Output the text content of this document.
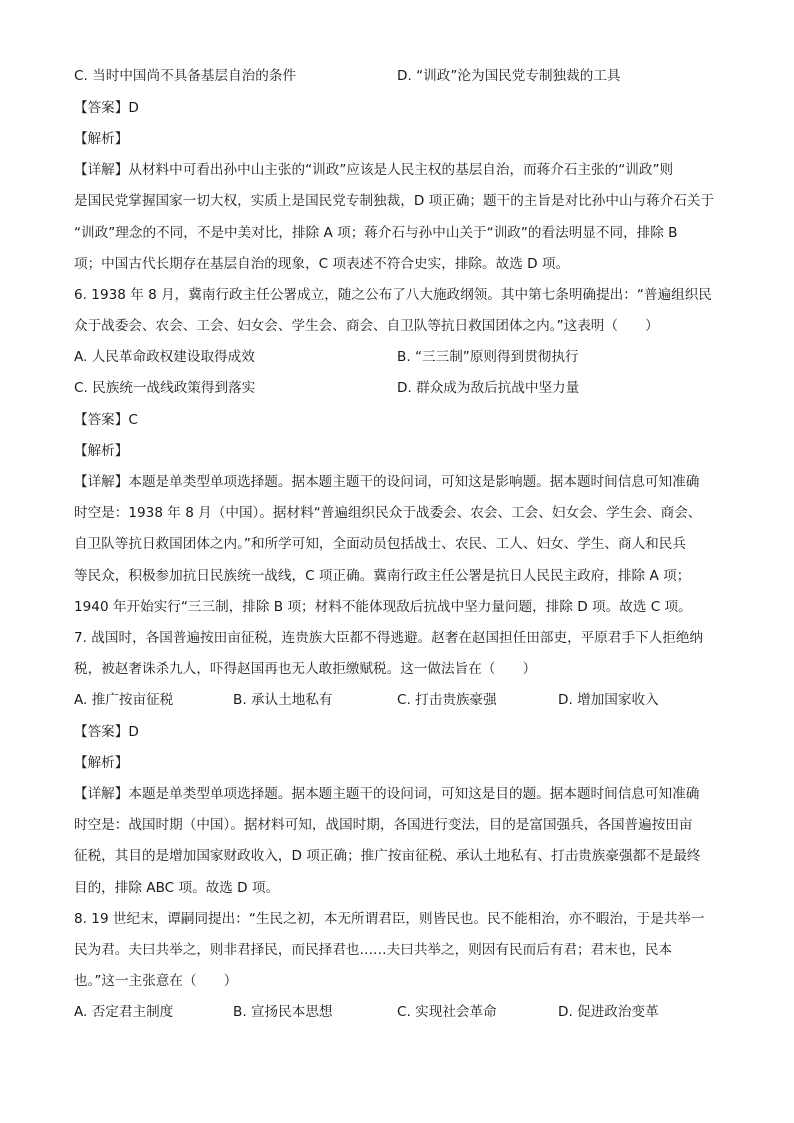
C. 当时中国尚不具备基层自治的条件	D. “训政”沦为国民党专制独裁的工具
【答案】D
【解析】
【详解】从材料中可看出孙中山主张的“训政”应该是人民主权的基层自治，而蒋介石主张的“训政”则
是国民党掌握国家一切大权，实质上是国民党专制独裁，D 项正确；题干的主旨是对比孙中山与蒋介石关于
“训政”理念的不同，不是中美对比，排除 A 项；蒋介石与孙中山关于“训政”的看法明显不同，排除 B
项；中国古代长期存在基层自治的现象，C 项表述不符合史实，排除。故选 D 项。
6. 1938 年 8 月，冀南行政主任公署成立，随之公布了八大施政纲领。其中第七条明确提出：“普遍组织民
众于战委会、农会、工会、妇女会、学生会、商会、自卫队等抗日救国团体之内。”这表明（　　）
A. 人民革命政权建设取得成效	B. “三三制”原则得到贯彻执行
C. 民族统一战线政策得到落实	D. 群众成为敌后抗战中坚力量
【答案】C
【解析】
【详解】本题是单类型单项选择题。据本题主题干的设问词，可知这是影响题。据本题时间信息可知准确
时空是：1938 年 8 月（中国）。据材料“普遍组织民众于战委会、农会、工会、妇女会、学生会、商会、
自卫队等抗日救国团体之内。”和所学可知，全面动员包括战士、农民、工人、妇女、学生、商人和民兵
等民众，积极参加抗日民族统一战线，C 项正确。冀南行政主任公署是抗日人民民主政府，排除 A 项；
1940 年开始实行“三三制，排除 B 项；材料不能体现敌后抗战中坚力量问题，排除 D 项。故选 C 项。
7. 战国时，各国普遍按田亩征税，连贵族大臣都不得逃避。赵奢在赵国担任田部吏，平原君手下人拒绝纳
税，被赵奢诛杀九人，吓得赵国再也无人敢拒缴赋税。这一做法旨在（　　）
A. 推广按亩征税	B. 承认土地私有	C. 打击贵族豪强	D. 增加国家收入
【答案】D
【解析】
【详解】本题是单类型单项选择题。据本题主题干的设问词，可知这是目的题。据本题时间信息可知准确
时空是：战国时期（中国）。据材料可知，战国时期，各国进行变法，目的是富国强兵，各国普遍按田亩
征税，其目的是增加国家财政收入，D 项正确；推广按亩征税、承认土地私有、打击贵族豪强都不是最终
目的，排除 ABC 项。故选 D 项。
8. 19 世纪末，谭嗣同提出：“生民之初，本无所谓君臣，则皆民也。民不能相治，亦不暇治，于是共举一
民为君。夫曰共举之，则非君择民，而民择君也……夫曰共举之，则因有民而后有君；君末也，民本
也。”这一主张意在（　　）
A. 否定君主制度	B. 宣扬民本思想	C. 实现社会革命	D. 促进政治变革
